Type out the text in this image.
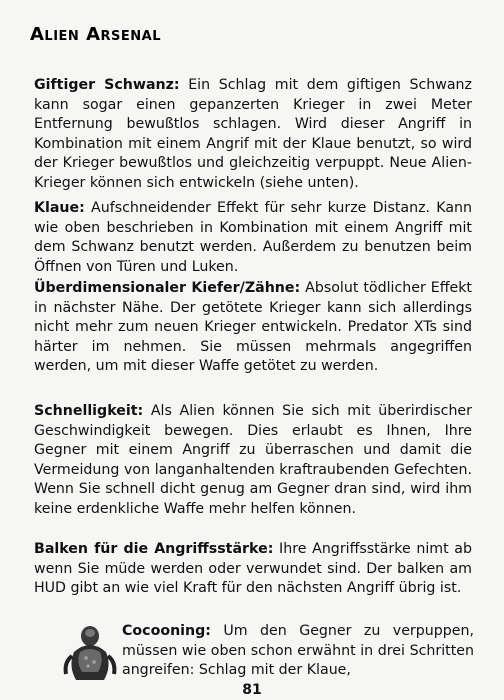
Alien Arsenal
Giftiger Schwanz: Ein Schlag mit dem giftigen Schwanz kann sogar einen gepanzerten Krieger in zwei Meter Entfernung bewußtlos schlagen. Wird dieser Angriff in Kombination mit einem Angrif mit der Klaue benutzt, so wird der Krieger bewußtlos und gleichzeitig verpuppt. Neue Alien-Krieger können sich entwickeln (siehe unten).
Klaue: Aufschneidender Effekt für sehr kurze Distanz. Kann wie oben beschrieben in Kombination mit einem Angriff mit dem Schwanz benutzt werden. Außerdem zu benutzen beim Öffnen von Türen und Luken.
Überdimensionaler Kiefer/Zähne: Absolut tödlicher Effekt in nächster Nähe. Der getötete Krieger kann sich allerdings nicht mehr zum neuen Krieger entwickeln. Predator XTs sind härter im nehmen. Sie müssen mehrmals angegriffen werden, um mit dieser Waffe getötet zu werden.
Schnelligkeit: Als Alien können Sie sich mit überirdischer Geschwindigkeit bewegen. Dies erlaubt es Ihnen, Ihre Gegner mit einem Angriff zu überraschen und damit die Vermeidung von langanhaltenden kraftraubenden Gefechten. Wenn Sie schnell dicht genug am Gegner dran sind, wird ihm keine erdenkliche Waffe mehr helfen können.
Balken für die Angriffsstärke: Ihre Angriffsstärke nimt ab wenn Sie müde werden oder verwundet sind. Der balken am HUD gibt an wie viel Kraft für den nächsten Angriff übrig ist.
Cocooning: Um den Gegner zu verpuppen, müssen wie oben schon erwähnt in drei Schritten angreifen: Schlag mit der Klaue,
81
